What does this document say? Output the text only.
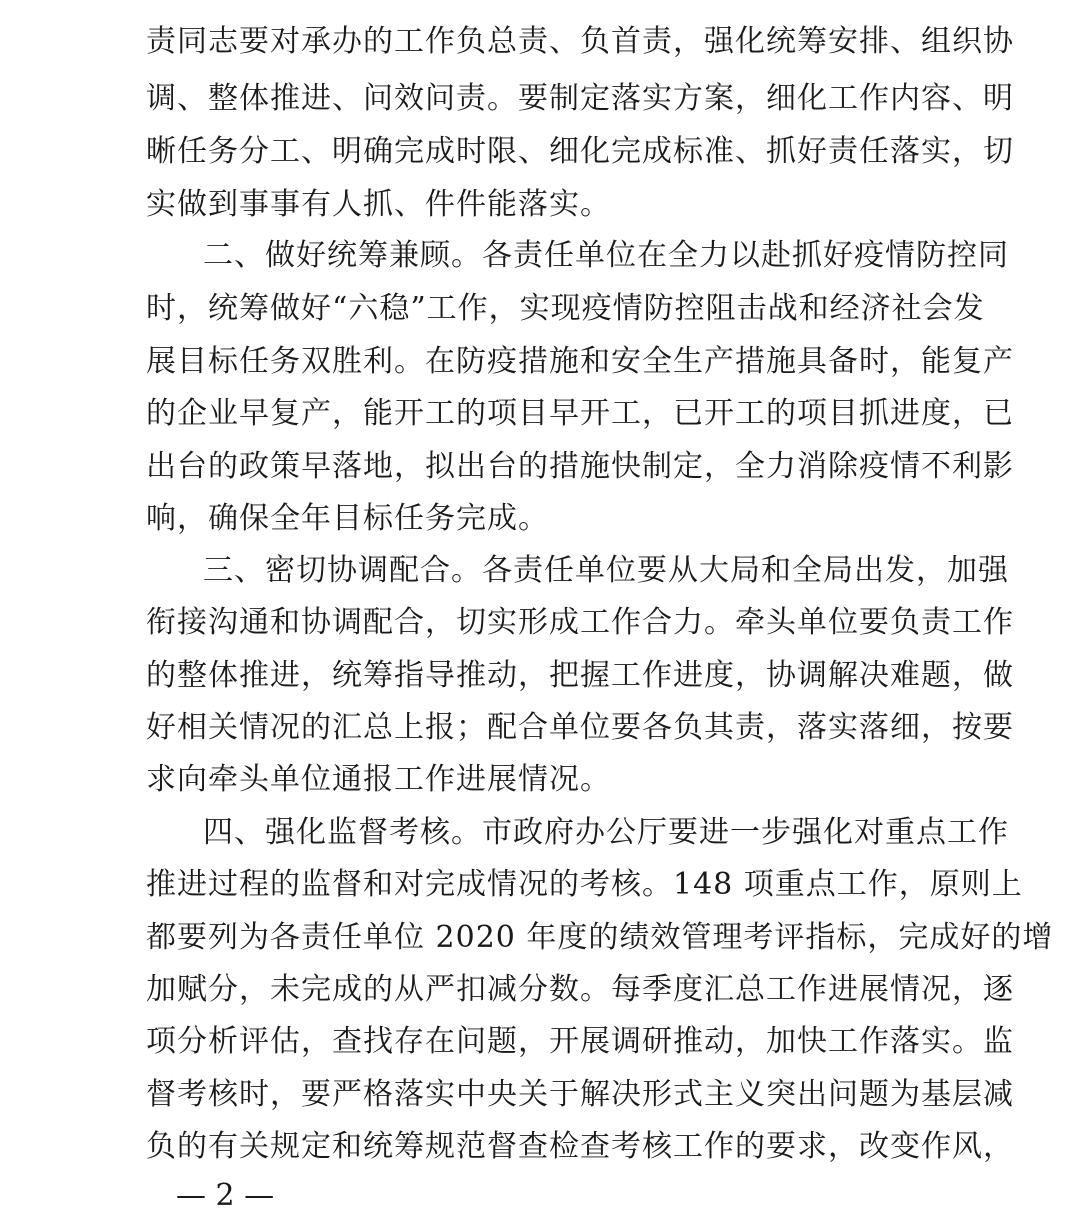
责同志要对承办的工作负总责、负首责，强化统筹安排、组织协
调、整体推进、问效问责。要制定落实方案，细化工作内容、明
晰任务分工、明确完成时限、细化完成标准、抓好责任落实，切
实做到事事有人抓、件件能落实。
二、做好统筹兼顾。各责任单位在全力以赴抓好疫情防控同
时，统筹做好“六稳”工作，实现疫情防控阻击战和经济社会发
展目标任务双胜利。在防疫措施和安全生产措施具备时，能复产
的企业早复产，能开工的项目早开工，已开工的项目抓进度，已
出台的政策早落地，拟出台的措施快制定，全力消除疫情不利影
响，确保全年目标任务完成。
三、密切协调配合。各责任单位要从大局和全局出发，加强
衔接沟通和协调配合，切实形成工作合力。牵头单位要负责工作
的整体推进，统筹指导推动，把握工作进度，协调解决难题，做
好相关情况的汇总上报；配合单位要各负其责，落实落细，按要
求向牵头单位通报工作进展情况。
四、强化监督考核。市政府办公厅要进一步强化对重点工作
推进过程的监督和对完成情况的考核。148 项重点工作，原则上
都要列为各责任单位 2020 年度的绩效管理考评指标，完成好的增
加赋分，未完成的从严扣减分数。每季度汇总工作进展情况，逐
项分析评估，查找存在问题，开展调研推动，加快工作落实。监
督考核时，要严格落实中央关于解决形式主义突出问题为基层减
负的有关规定和统筹规范督查检查考核工作的要求，改变作风，
— 2 —
